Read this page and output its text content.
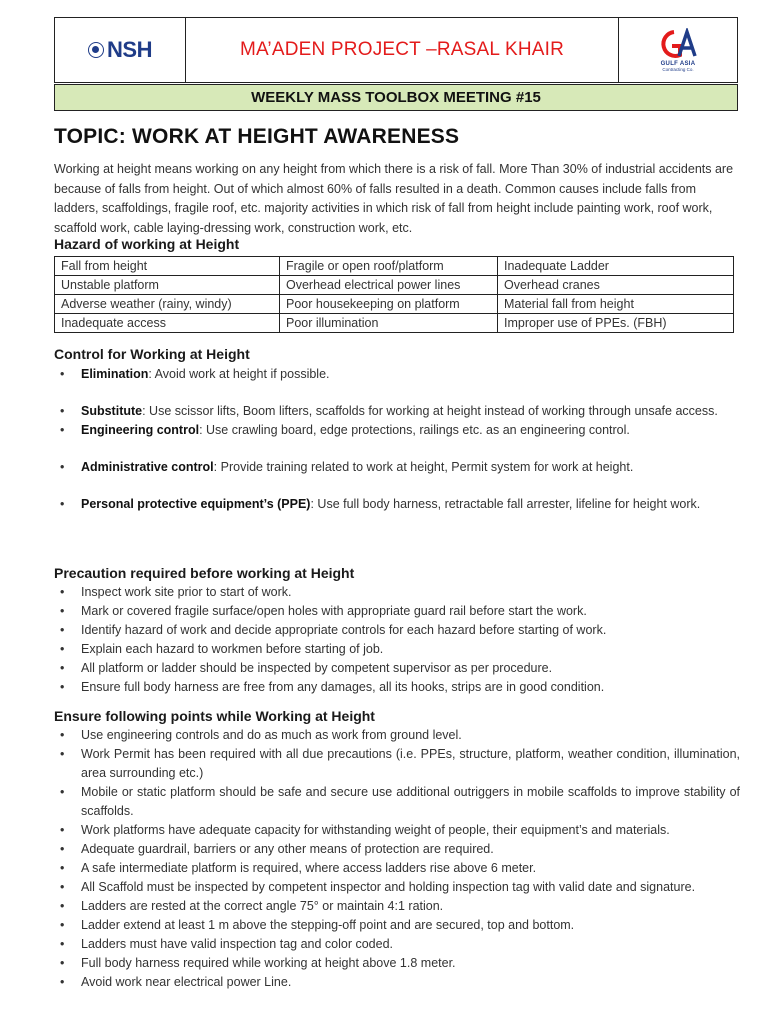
NSH	MA’ADEN PROJECT –RASAL KHAIR
GULF ASIA
Contracting Co.
WEEKLY MASS TOOLBOX MEETING #15
TOPIC: WORK AT HEIGHT AWARENESS
Working at height means working on any height from which there is a risk of fall. More Than 30% of industrial accidents are because of falls from height. Out of which almost 60% of falls resulted in a death. Common causes include falls from ladders, scaffoldings, fragile roof, etc. majority activities in which risk of fall from height include painting work, roof work, scaffold work, cable laying-dressing work, construction work, etc.
Hazard of working at Height
Fall from height	Fragile or open roof/platform	Inadequate Ladder
Unstable platform	Overhead electrical power lines	Overhead cranes
Adverse weather (rainy, windy)	Poor housekeeping on platform	Material fall from height
Inadequate access	Poor illumination	Improper use of PPEs. (FBH)
Control for Working at Height
• Elimination: Avoid work at height if possible.
• Substitute: Use scissor lifts, Boom lifters, scaffolds for working at height instead of working through unsafe access.
• Engineering control: Use crawling board, edge protections, railings etc. as an engineering control.
• Administrative control: Provide training related to work at height, Permit system for work at height.
• Personal protective equipment’s (PPE): Use full body harness, retractable fall arrester, lifeline for height work.
Precaution required before working at Height
• Inspect work site prior to start of work.
• Mark or covered fragile surface/open holes with appropriate guard rail before start the work.
• Identify hazard of work and decide appropriate controls for each hazard before starting of work.
• Explain each hazard to workmen before starting of job.
• All platform or ladder should be inspected by competent supervisor as per procedure.
• Ensure full body harness are free from any damages, all its hooks, strips are in good condition.
Ensure following points while Working at Height
• Use engineering controls and do as much as work from ground level.
• Work Permit has been required with all due precautions (i.e. PPEs, structure, platform, weather condition, illumination, area surrounding etc.)
• Mobile or static platform should be safe and secure use additional outriggers in mobile scaffolds to improve stability of scaffolds.
• Work platforms have adequate capacity for withstanding weight of people, their equipment’s and materials.
• Adequate guardrail, barriers or any other means of protection are required.
• A safe intermediate platform is required, where access ladders rise above 6 meter.
• All Scaffold must be inspected by competent inspector and holding inspection tag with valid date and signature.
• Ladders are rested at the correct angle 75° or maintain 4:1 ration.
• Ladder extend at least 1 m above the stepping-off point and are secured, top and bottom.
• Ladders must have valid inspection tag and color coded.
• Full body harness required while working at height above 1.8 meter.
• Avoid work near electrical power Line.
